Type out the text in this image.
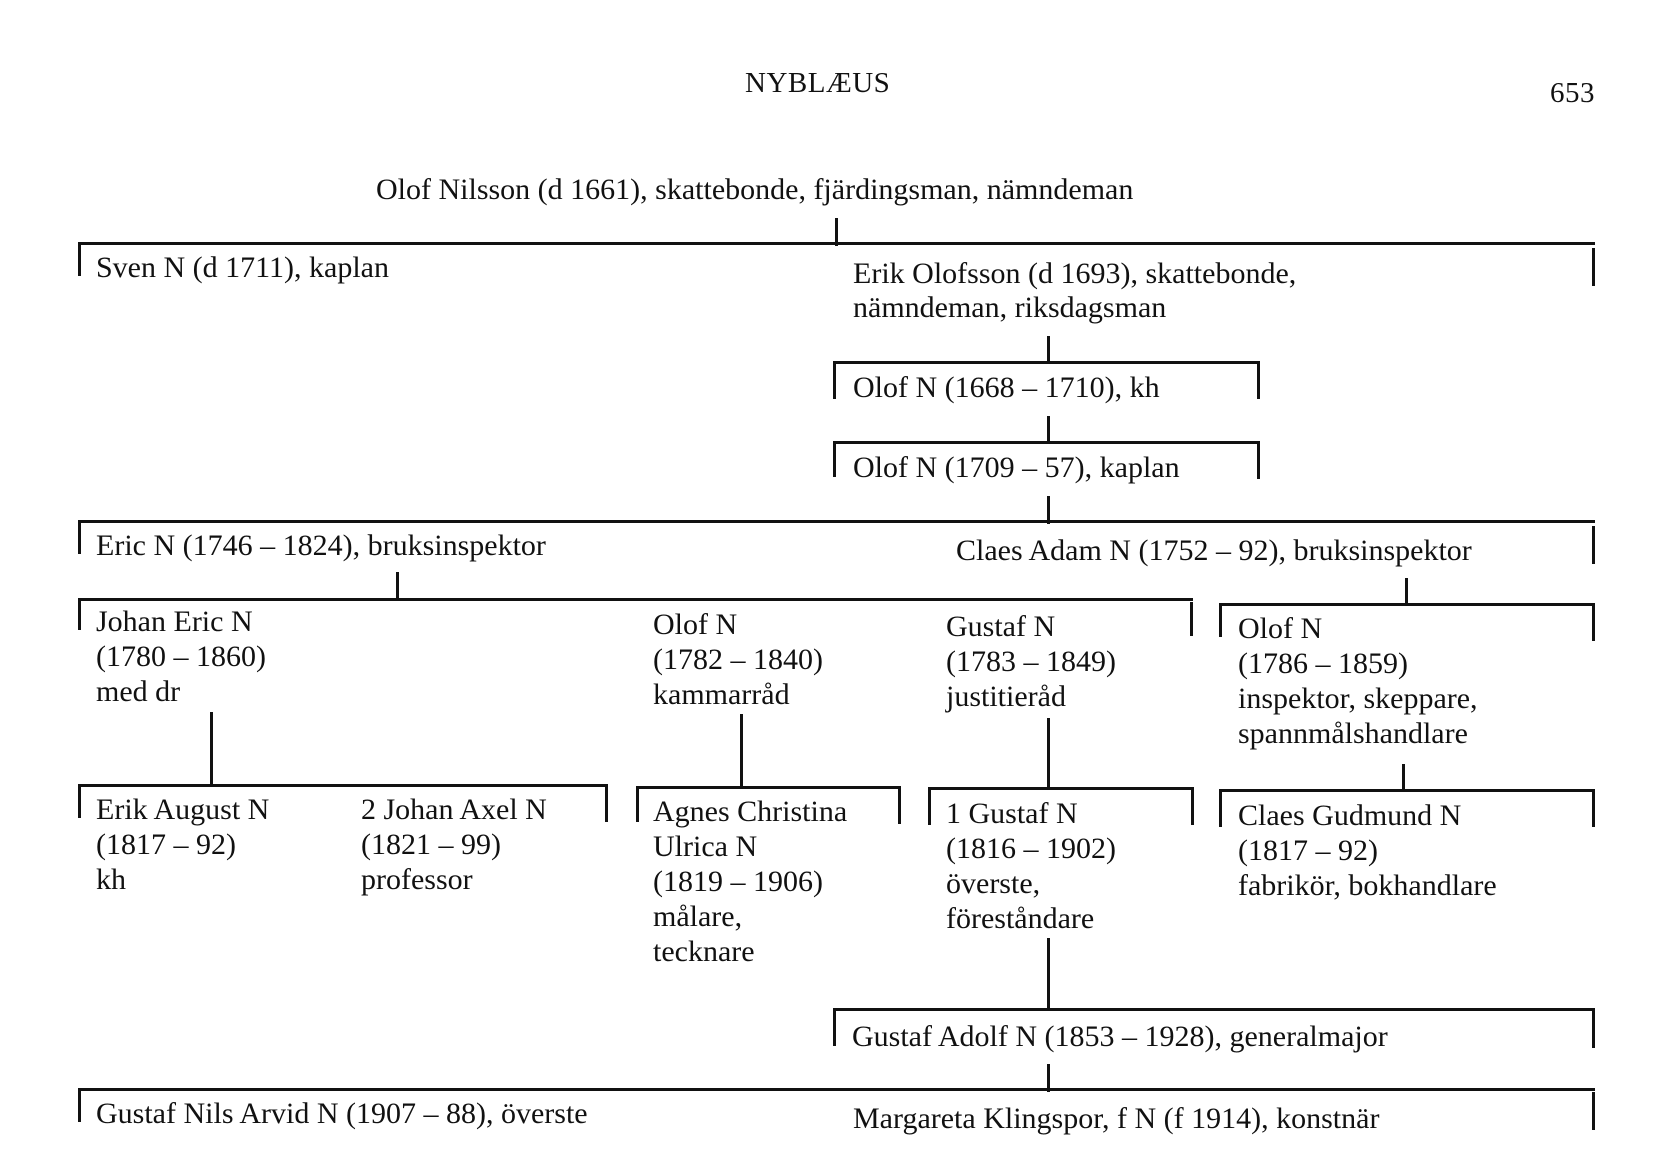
NYBLÆUS	653
Olof Nilsson (d 1661), skattebonde, fjärdingsman, nämndeman
Sven N (d 1711), kaplan	Erik Olofsson (d 1693), skattebonde,
nämndeman, riksdagsman
Olof N (1668 – 1710), kh
Olof N (1709 – 57), kaplan
Eric N (1746 – 1824), bruksinspektor	Claes Adam N (1752 – 92), bruksinspektor
Johan Eric N
(1780 – 1860)
med dr
Olof N
(1782 – 1840)
kammarråd
Gustaf N
(1783 – 1849)
justitieråd
Olof N
(1786 – 1859)
inspektor, skeppare,
spannmålshandlare
Erik August N
(1817 – 92)
kh
2 Johan Axel N
(1821 – 99)
professor
Agnes Christina
Ulrica N
(1819 – 1906)
målare,
tecknare
1 Gustaf N
(1816 – 1902)
överste,
föreståndare
Claes Gudmund N
(1817 – 92)
fabrikör, bokhandlare
Gustaf Adolf N (1853 – 1928), generalmajor
Gustaf Nils Arvid N (1907 – 88), överste	Margareta Klingspor, f N (f 1914), konstnär
